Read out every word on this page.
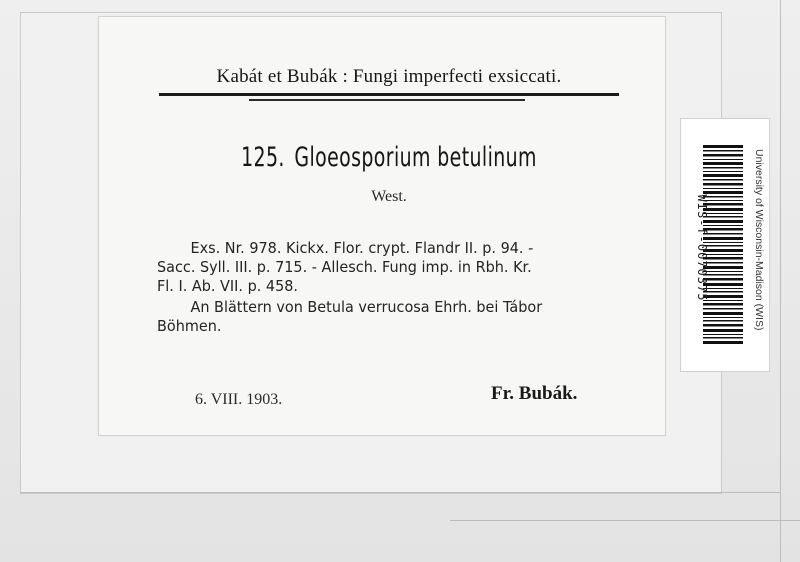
Kabát et Bubák : Fungi imperfecti exsiccati.
125. Gloeosporium betulinum
West.
Exs. Nr. 978. Kickx. Flor. crypt. Flandr II. p. 94. -
Sacc. Syll. III. p. 715. - Allesch. Fung imp. in Rbh. Kr.
Fl. I. Ab. VII. p. 458.
An Blättern von Betula verrucosa Ehrh. bei Tábor
Böhmen.
6. VIII. 1903.	Fr. Bubák.
WIS-f-0070375	University of Wisconsin-Madison (WIS)
